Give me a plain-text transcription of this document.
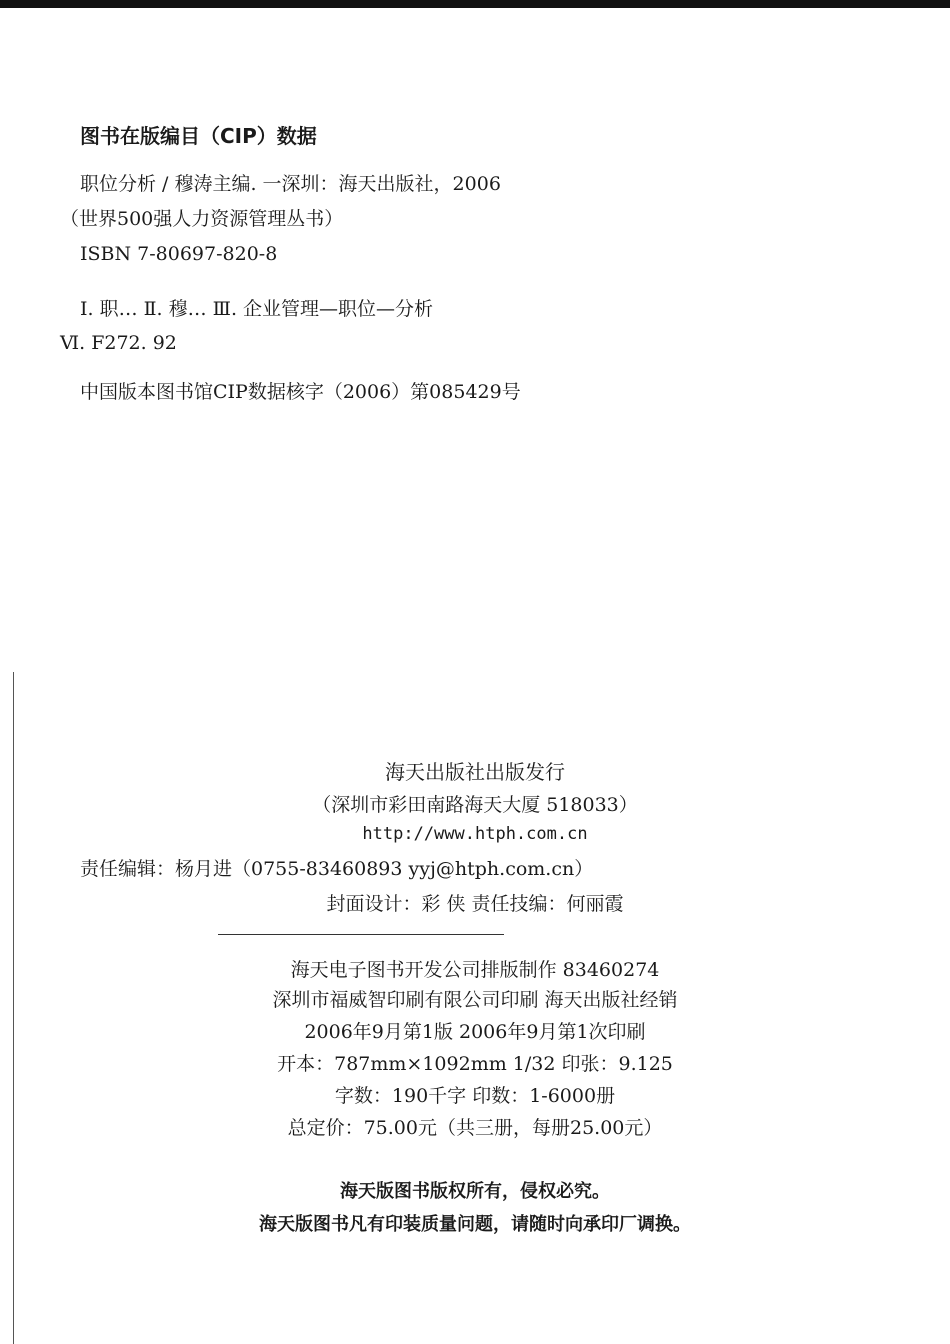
图书在版编目（CIP）数据
职位分析 / 穆涛主编. 一深圳：海天出版社，2006
（世界500强人力资源管理丛书）
ISBN 7-80697-820-8
Ⅰ. 职… Ⅱ. 穆… Ⅲ. 企业管理—职位—分析
Ⅵ. F272. 92
中国版本图书馆CIP数据核字（2006）第085429号
海天出版社出版发行
（深圳市彩田南路海天大厦 518033）
http://www.htph.com.cn
责任编辑：杨月进（0755-83460893 yyj@htph.com.cn）
封面设计：彩 侠 责任技编：何丽霞
海天电子图书开发公司排版制作 83460274
深圳市福威智印刷有限公司印刷 海天出版社经销
2006年9月第1版 2006年9月第1次印刷
开本：787mm×1092mm 1/32 印张：9.125
字数：190千字 印数：1-6000册
总定价：75.00元（共三册，每册25.00元）
海天版图书版权所有，侵权必究。
海天版图书凡有印装质量问题，请随时向承印厂调换。
